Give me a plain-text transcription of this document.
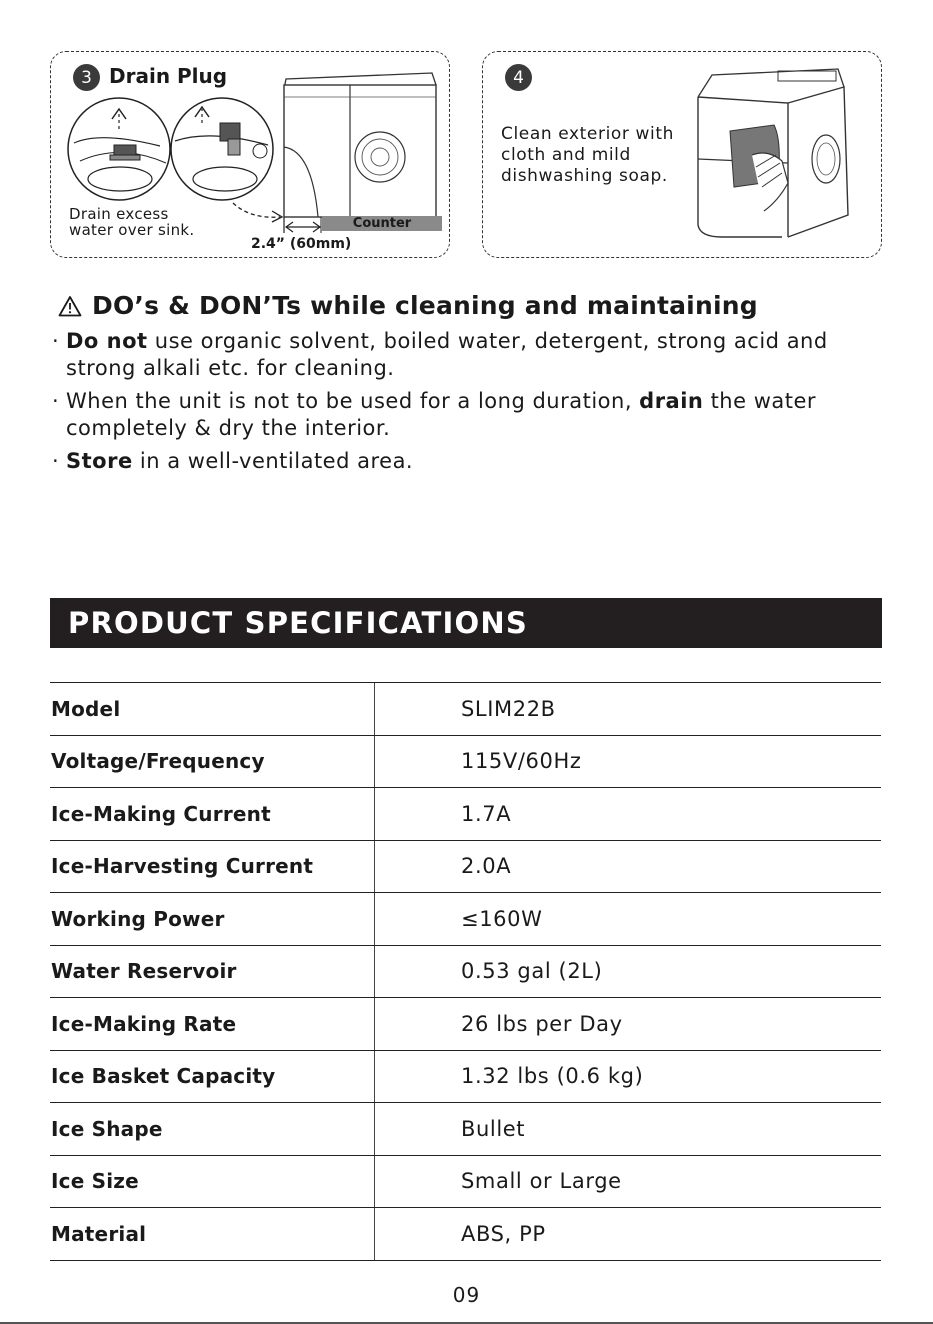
3 Drain Plug
Drain excess
water over sink.	Counter
2.4” (60mm)
4
Clean exterior with
cloth and mild
dishwashing soap.
DO’s & DON’Ts while cleaning and maintaining
· Do not use organic solvent, boiled water, detergent, strong acid and strong alkali etc. for cleaning.
· When the unit is not to be used for a long duration, drain the water completely & dry the interior.
· Store in a well-ventilated area.
PRODUCT SPECIFICATIONS
Model	SLIM22B
Voltage/Frequency	115V/60Hz
Ice-Making Current	1.7A
Ice-Harvesting Current	2.0A
Working Power	≤160W
Water Reservoir	0.53 gal (2L)
Ice-Making Rate	26 lbs per Day
Ice Basket Capacity	1.32 lbs (0.6 kg)
Ice Shape	Bullet
Ice Size	Small or Large
Material	ABS, PP
09
